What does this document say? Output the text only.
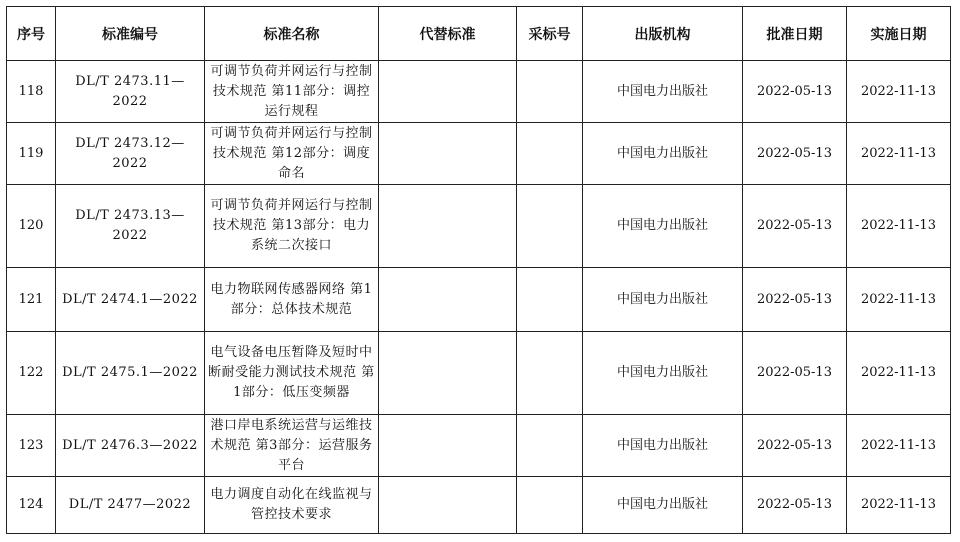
序号	标准编号	标准名称	代替标准	采标号	出版机构	批准日期	实施日期
118	DL/T 2473.11—2022	可调节负荷并网运行与控制技术规范 第11部分：调控运行规程			中国电力出版社	2022-05-13	2022-11-13
119	DL/T 2473.12—2022	可调节负荷并网运行与控制技术规范 第12部分：调度命名			中国电力出版社	2022-05-13	2022-11-13
120	DL/T 2473.13—2022	可调节负荷并网运行与控制技术规范 第13部分：电力系统二次接口			中国电力出版社	2022-05-13	2022-11-13
121	DL/T 2474.1—2022	电力物联网传感器网络 第1部分：总体技术规范			中国电力出版社	2022-05-13	2022-11-13
122	DL/T 2475.1—2022	电气设备电压暂降及短时中断耐受能力测试技术规范 第1部分：低压变频器			中国电力出版社	2022-05-13	2022-11-13
123	DL/T 2476.3—2022	港口岸电系统运营与运维技术规范 第3部分：运营服务平台			中国电力出版社	2022-05-13	2022-11-13
124	DL/T 2477—2022	电力调度自动化在线监视与管控技术要求			中国电力出版社	2022-05-13	2022-11-13
